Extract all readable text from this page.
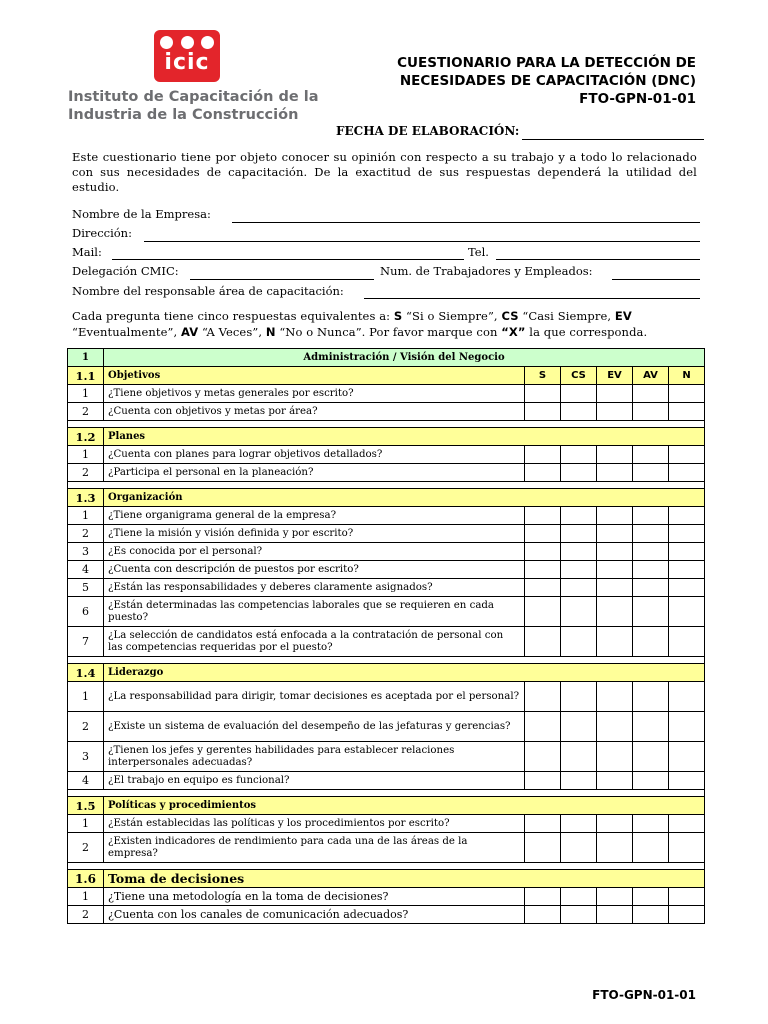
icic
Instituto de Capacitación de la
Industria de la Construcción
CUESTIONARIO PARA LA DETECCIÓN DE
NECESIDADES DE CAPACITACIÓN (DNC)
FTO-GPN-01-01
FECHA DE ELABORACIÓN:
Este cuestionario tiene por objeto conocer su opinión con respecto a su trabajo y a todo lo relacionado con sus necesidades de capacitación. De la exactitud de sus respuestas dependerá la utilidad del estudio.
Nombre de la Empresa:
Dirección:
Mail:	Tel.
Delegación CMIC:	Num. de Trabajadores y Empleados:
Nombre del responsable área de capacitación:
Cada pregunta tiene cinco respuestas equivalentes a: S “Si o Siempre”, CS “Casi Siempre, EV
“Eventualmente”, AV “A Veces”, N “No o Nunca”. Por favor marque con “X” la que corresponda.
1	Administración / Visión del Negocio					
1.1	Objetivos	S	CS	EV	AV	N
1	¿Tiene objetivos y metas generales por escrito?					
2	¿Cuenta con objetivos y metas por área?					

1.2	Planes					
1	¿Cuenta con planes para lograr objetivos detallados?					
2	¿Participa el personal en la planeación?					

1.3	Organización					
1	¿Tiene organigrama general de la empresa?					
2	¿Tiene la misión y visión definida y por escrito?					
3	¿Es conocida por el personal?					
4	¿Cuenta con descripción de puestos por escrito?					
5	¿Están las responsabilidades y deberes claramente asignados?					
6	¿Están determinadas las competencias laborales que se requieren en cada puesto?					
7	¿La selección de candidatos está enfocada a la contratación de personal con las competencias requeridas por el puesto?					

1.4	Liderazgo					
1	¿La responsabilidad para dirigir, tomar decisiones es aceptada por el personal?					
2	¿Existe un sistema de evaluación del desempeño de las jefaturas y gerencias?					
3	¿Tienen los jefes y gerentes habilidades para establecer relaciones interpersonales adecuadas?					
4	¿El trabajo en equipo es funcional?					

1.5	Políticas y procedimientos					
1	¿Están establecidas las políticas y los procedimientos por escrito?					
2	¿Existen indicadores de rendimiento para cada una de las áreas de la empresa?					

1.6	Toma de decisiones					
1	¿Tiene una metodología en la toma de decisiones?					
2	¿Cuenta con los canales de comunicación adecuados?					
FTO-GPN-01-01
